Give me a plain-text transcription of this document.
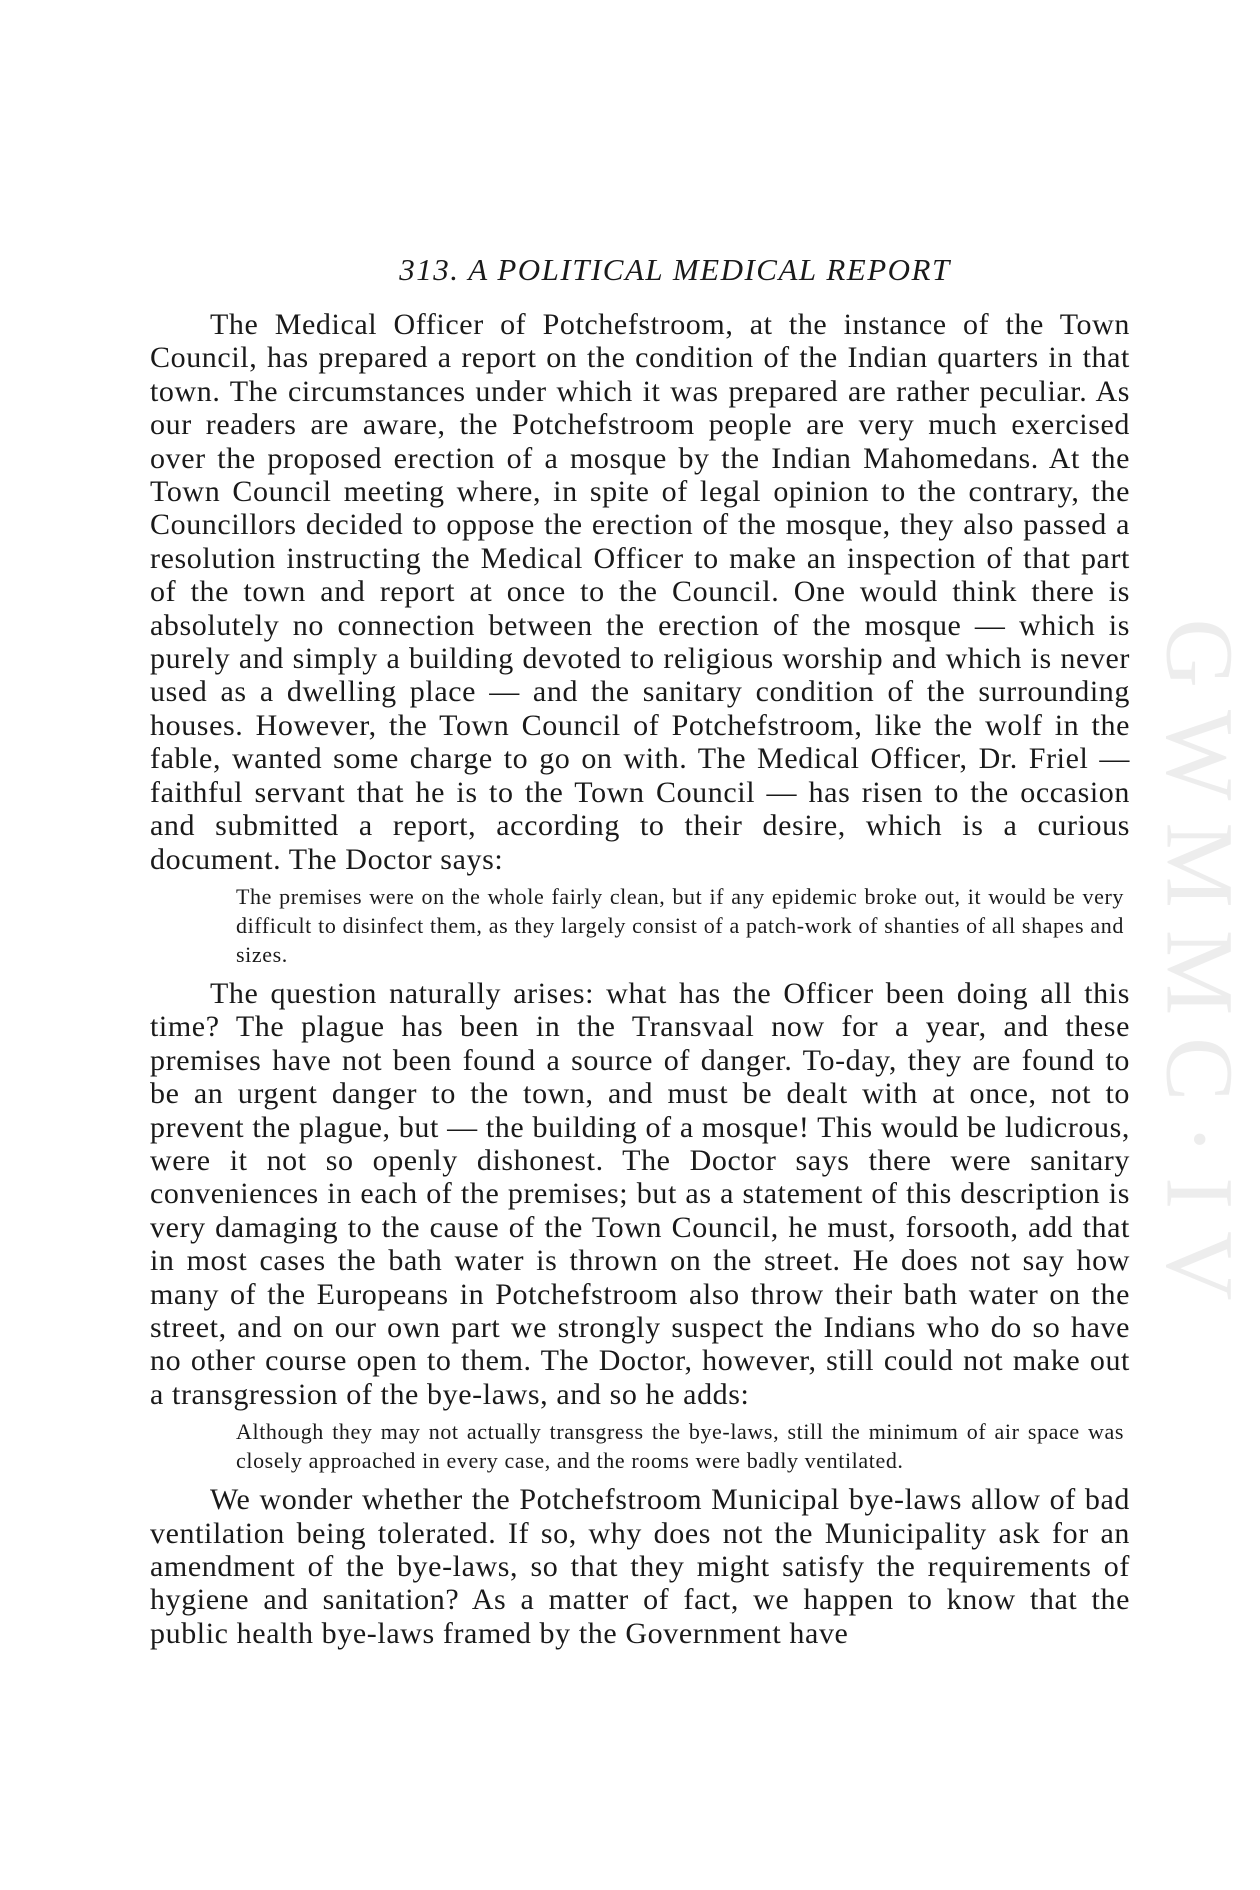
GWMMC·IV
313. A POLITICAL MEDICAL REPORT

The Medical Officer of Potchefstroom, at the instance of the Town Council, has prepared a report on the condition of the Indian quarters in that town. The circumstances under which it was prepared are rather peculiar. As our readers are aware, the Potchefstroom people are very much exercised over the proposed erection of a mosque by the Indian Mahomedans. At the Town Council meeting where, in spite of legal opinion to the contrary, the Councillors decided to oppose the erection of the mosque, they also passed a resolution instructing the Medical Officer to make an inspection of that part of the town and report at once to the Council. One would think there is absolutely no connection between the erection of the mosque — which is purely and simply a building devoted to religious worship and which is never used as a dwelling place — and the sanitary condition of the surrounding houses. However, the Town Council of Potchefstroom, like the wolf in the fable, wanted some charge to go on with. The Medical Officer, Dr. Friel — faithful servant that he is to the Town Council — has risen to the occasion and submitted a report, according to their desire, which is a curious document. The Doctor says:

The premises were on the whole fairly clean, but if any epidemic broke out, it would be very difficult to disinfect them, as they largely consist of a patch-work of shanties of all shapes and sizes.

The question naturally arises: what has the Officer been doing all this time? The plague has been in the Transvaal now for a year, and these premises have not been found a source of danger. To-day, they are found to be an urgent danger to the town, and must be dealt with at once, not to prevent the plague, but — the building of a mosque! This would be ludicrous, were it not so openly dishonest. The Doctor says there were sanitary conveniences in each of the premises; but as a statement of this description is very damaging to the cause of the Town Council, he must, forsooth, add that in most cases the bath water is thrown on the street. He does not say how many of the Europeans in Potchefstroom also throw their bath water on the street, and on our own part we strongly suspect the Indians who do so have no other course open to them. The Doctor, however, still could not make out a transgression of the bye-laws, and so he adds:

Although they may not actually transgress the bye-laws, still the minimum of air space was closely approached in every case, and the rooms were badly ventilated.

We wonder whether the Potchefstroom Municipal bye-laws allow of bad ventilation being tolerated. If so, why does not the Municipality ask for an amendment of the bye-laws, so that they might satisfy the requirements of hygiene and sanitation? As a matter of fact, we happen to know that the public health bye-laws framed by the Government have
